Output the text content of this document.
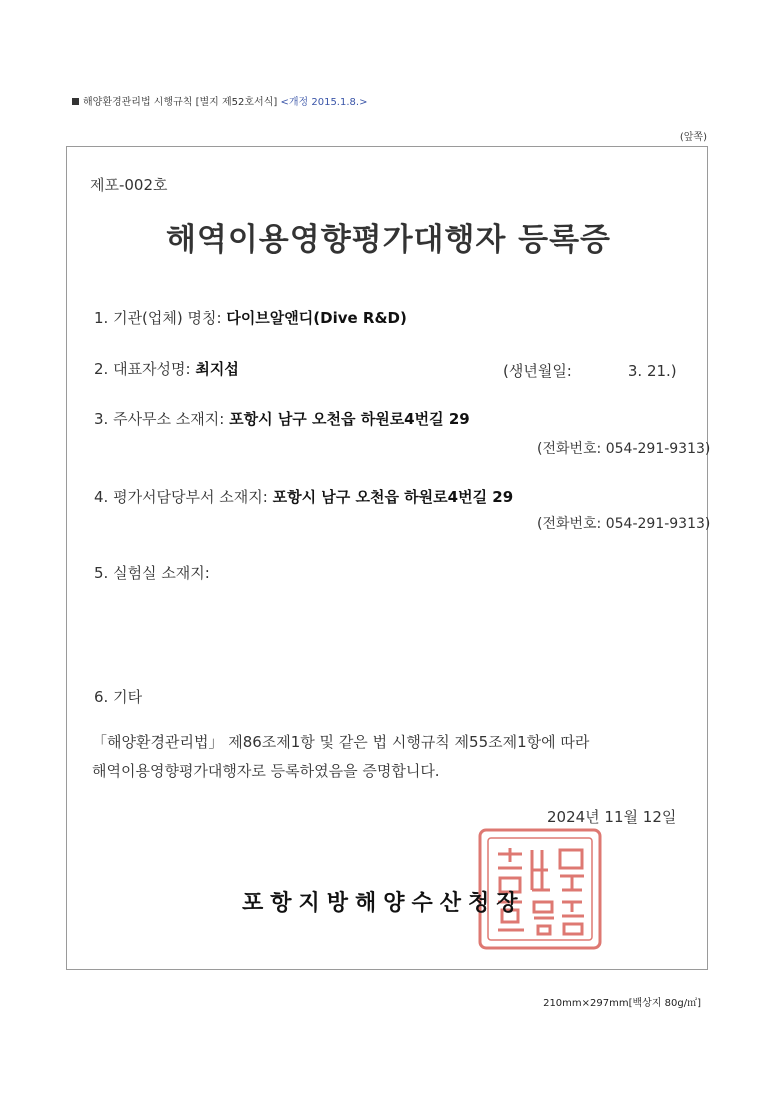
해양환경관리법 시행규칙 [별지 제52호서식] <개정 2015.1.8.>
(앞쪽)
제포-002호
해역이용영향평가대행자 등록증
1. 기관(업체) 명칭: 다이브알앤디(Dive R&D)
2. 대표자성명: 최지섭	(생년월일:	3. 21.)
3. 주사무소 소재지: 포항시 남구 오천읍 하원로4번길 29
(전화번호: 054-291-9313)
4. 평가서담당부서 소재지: 포항시 남구 오천읍 하원로4번길 29
(전화번호: 054-291-9313)
5. 실험실 소재지:
6. 기타
「해양환경관리법」 제86조제1항 및 같은 법 시행규칙 제55조제1항에 따라 해역이용영향평가대행자로 등록하였음을 증명합니다.
2024년 11월 12일
포항지방해양수산청장
210mm×297mm[백상지 80g/㎡]
